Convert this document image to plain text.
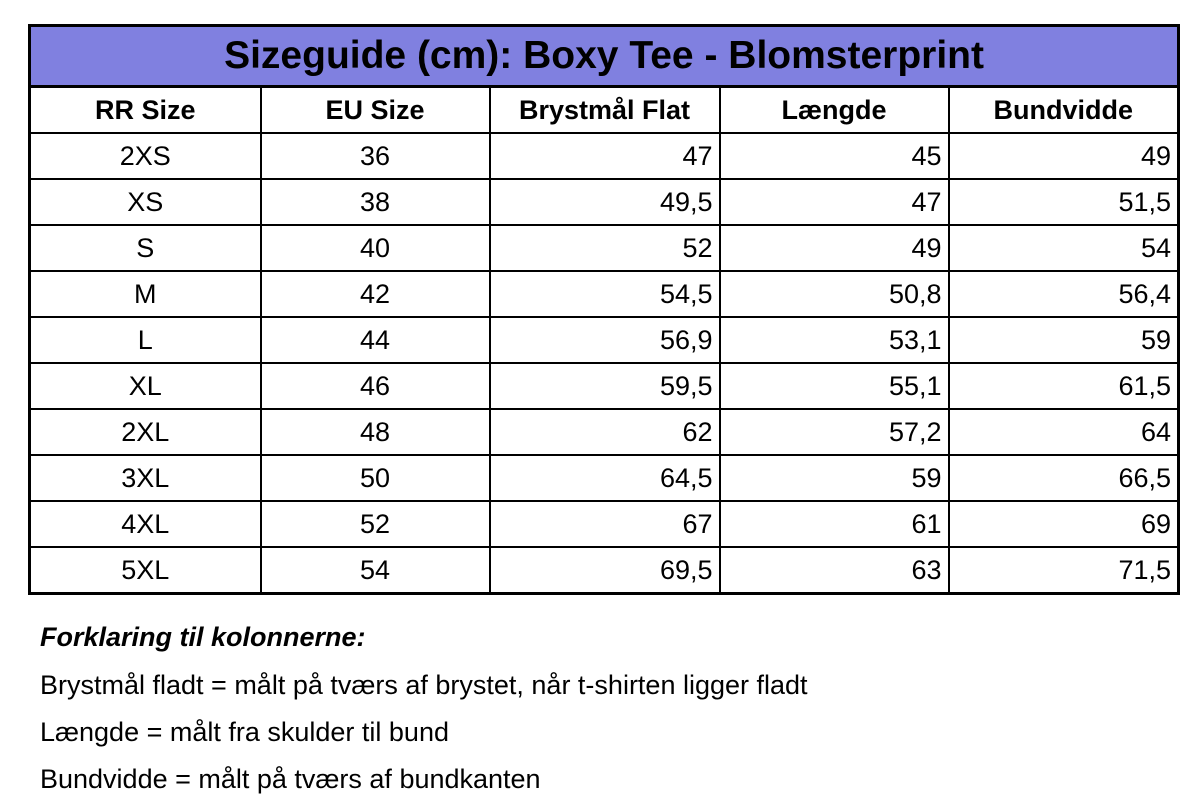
Sizeguide (cm): Boxy Tee - Blomsterprint				
RR Size	EU Size	Brystmål Flat	Længde	Bundvidde
2XS	36	47	45	49
XS	38	49,5	47	51,5
S	40	52	49	54
M	42	54,5	50,8	56,4
L	44	56,9	53,1	59
XL	46	59,5	55,1	61,5
2XL	48	62	57,2	64
3XL	50	64,5	59	66,5
4XL	52	67	61	69
5XL	54	69,5	63	71,5
Forklaring til kolonnerne:
Brystmål fladt = målt på tværs af brystet, når t-shirten ligger fladt
Længde = målt fra skulder til bund
Bundvidde = målt på tværs af bundkanten
